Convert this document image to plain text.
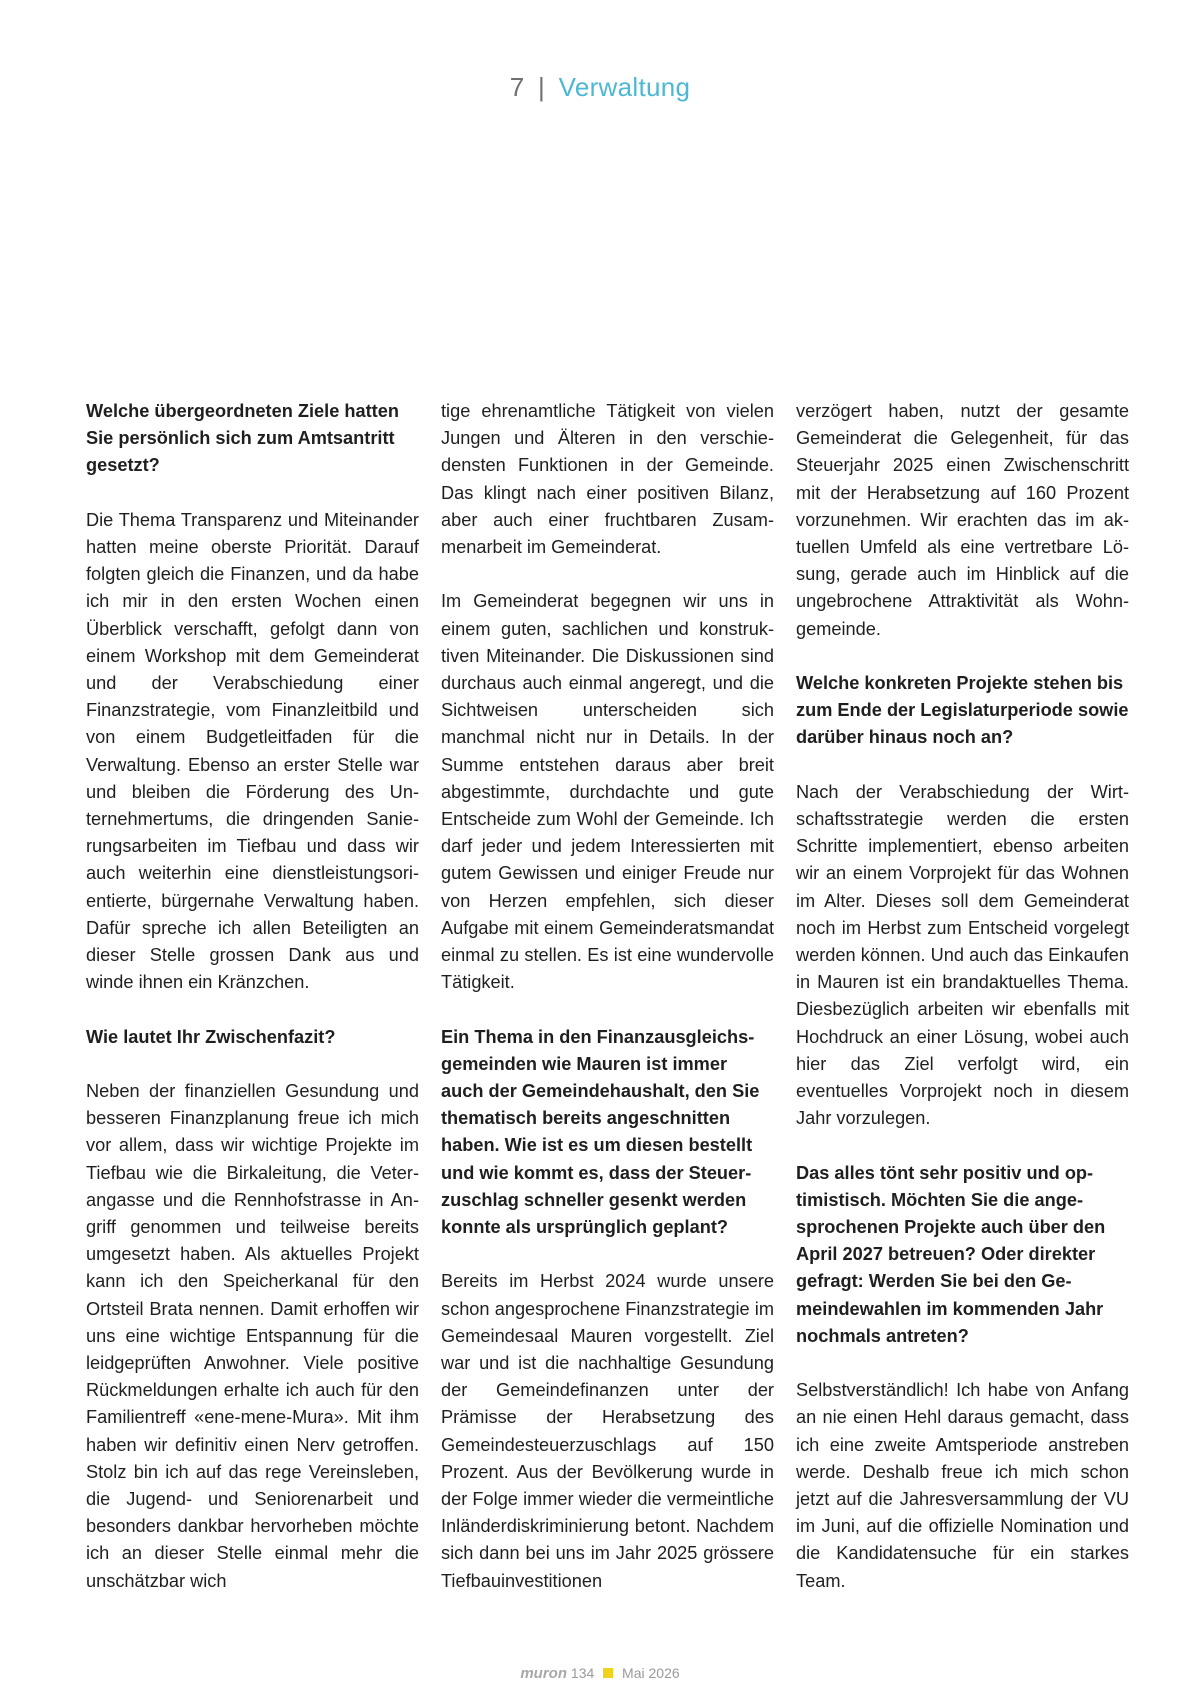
7 | Verwaltung

Welche übergeordneten Ziele hatten Sie persönlich sich zum Amtsantritt gesetzt?

Die Thema Transparenz und Miteinander hatten meine oberste Priorität. Darauf folgten gleich die Finanzen, und da habe ich mir in den ersten Wochen einen Überblick verschafft, gefolgt dann von einem Workshop mit dem Gemeinderat und der Verabschiedung einer Finanzstrategie, vom Finanzleitbild und von einem Budgetleitfaden für die Verwaltung. Ebenso an erster Stelle war und bleiben die Förderung des Unternehmertums, die dringenden Sanierungsarbeiten im Tiefbau und dass wir auch weiterhin eine dienstleistungsorientierte, bürgernahe Verwaltung haben. Dafür spreche ich allen Beteiligten an dieser Stelle grossen Dank aus und winde ihnen ein Kränzchen.

Wie lautet Ihr Zwischenfazit?

Neben der finanziellen Gesundung und besseren Finanzplanung freue ich mich vor allem, dass wir wichtige Projekte im Tiefbau wie die Birkaleitung, die Veterangasse und die Rennhofstrasse in Angriff genommen und teilweise bereits umgesetzt haben. Als aktuelles Projekt kann ich den Speicherkanal für den Ortsteil Brata nennen. Damit erhoffen wir uns eine wichtige Entspannung für die leidgeprüften Anwohner. Viele positive Rückmeldungen erhalte ich auch für den Familientreff «ene-mene-Mura». Mit ihm haben wir definitiv einen Nerv getroffen. Stolz bin ich auf das rege Vereinsleben, die Jugend- und Seniorenarbeit und besonders dankbar hervorheben möchte ich an dieser Stelle einmal mehr die unschätzbar wich

tige ehrenamtliche Tätigkeit von vielen Jungen und Älteren in den verschiedensten Funktionen in der Gemeinde. Das klingt nach einer positiven Bilanz, aber auch einer fruchtbaren Zusammenarbeit im Gemeinderat.

Im Gemeinderat begegnen wir uns in einem guten, sachlichen und konstruktiven Miteinander. Die Diskussionen sind durchaus auch einmal angeregt, und die Sichtweisen unterscheiden sich manchmal nicht nur in Details. In der Summe entstehen daraus aber breit abgestimmte, durchdachte und gute Entscheide zum Wohl der Gemeinde. Ich darf jeder und jedem Interessierten mit gutem Gewissen und einiger Freude nur von Herzen empfehlen, sich dieser Aufgabe mit einem Gemeinderatsmandat einmal zu stellen. Es ist eine wundervolle Tätigkeit.

Ein Thema in den Finanzausgleichsgemeinden wie Mauren ist immer auch der Gemeindehaushalt, den Sie thematisch bereits angeschnitten haben. Wie ist es um diesen bestellt und wie kommt es, dass der Steuerzuschlag schneller gesenkt werden konnte als ursprünglich geplant?

Bereits im Herbst 2024 wurde unsere schon angesprochene Finanzstrategie im Gemeindesaal Mauren vorgestellt. Ziel war und ist die nachhaltige Gesundung der Gemeindefinanzen unter der Prämisse der Herabsetzung des Gemeindesteuerzuschlags auf 150 Prozent. Aus der Bevölkerung wurde in der Folge immer wieder die vermeintliche Inländerdiskriminierung betont. Nachdem sich dann bei uns im Jahr 2025 grössere Tiefbauinvestitionen

verzögert haben, nutzt der gesamte Gemeinderat die Gelegenheit, für das Steuerjahr 2025 einen Zwischenschritt mit der Herabsetzung auf 160 Prozent vorzunehmen. Wir erachten das im aktuellen Umfeld als eine vertretbare Lösung, gerade auch im Hinblick auf die ungebrochene Attraktivität als Wohngemeinde.

Welche konkreten Projekte stehen bis zum Ende der Legislaturperiode sowie darüber hinaus noch an?

Nach der Verabschiedung der Wirtschaftsstrategie werden die ersten Schritte implementiert, ebenso arbeiten wir an einem Vorprojekt für das Wohnen im Alter. Dieses soll dem Gemeinderat noch im Herbst zum Entscheid vorgelegt werden können. Und auch das Einkaufen in Mauren ist ein brandaktuelles Thema. Diesbezüglich arbeiten wir ebenfalls mit Hochdruck an einer Lösung, wobei auch hier das Ziel verfolgt wird, ein eventuelles Vorprojekt noch in diesem Jahr vorzulegen.

Das alles tönt sehr positiv und optimistisch. Möchten Sie die angesprochenen Projekte auch über den April 2027 betreuen? Oder direkter gefragt: Werden Sie bei den Gemeindewahlen im kommenden Jahr nochmals antreten?

Selbstverständlich! Ich habe von Anfang an nie einen Hehl daraus gemacht, dass ich eine zweite Amtsperiode anstreben werde. Deshalb freue ich mich schon jetzt auf die Jahresversammlung der VU im Juni, auf die offizielle Nomination und die Kandidatensuche für ein starkes Team.

muron 134 Mai 2026
